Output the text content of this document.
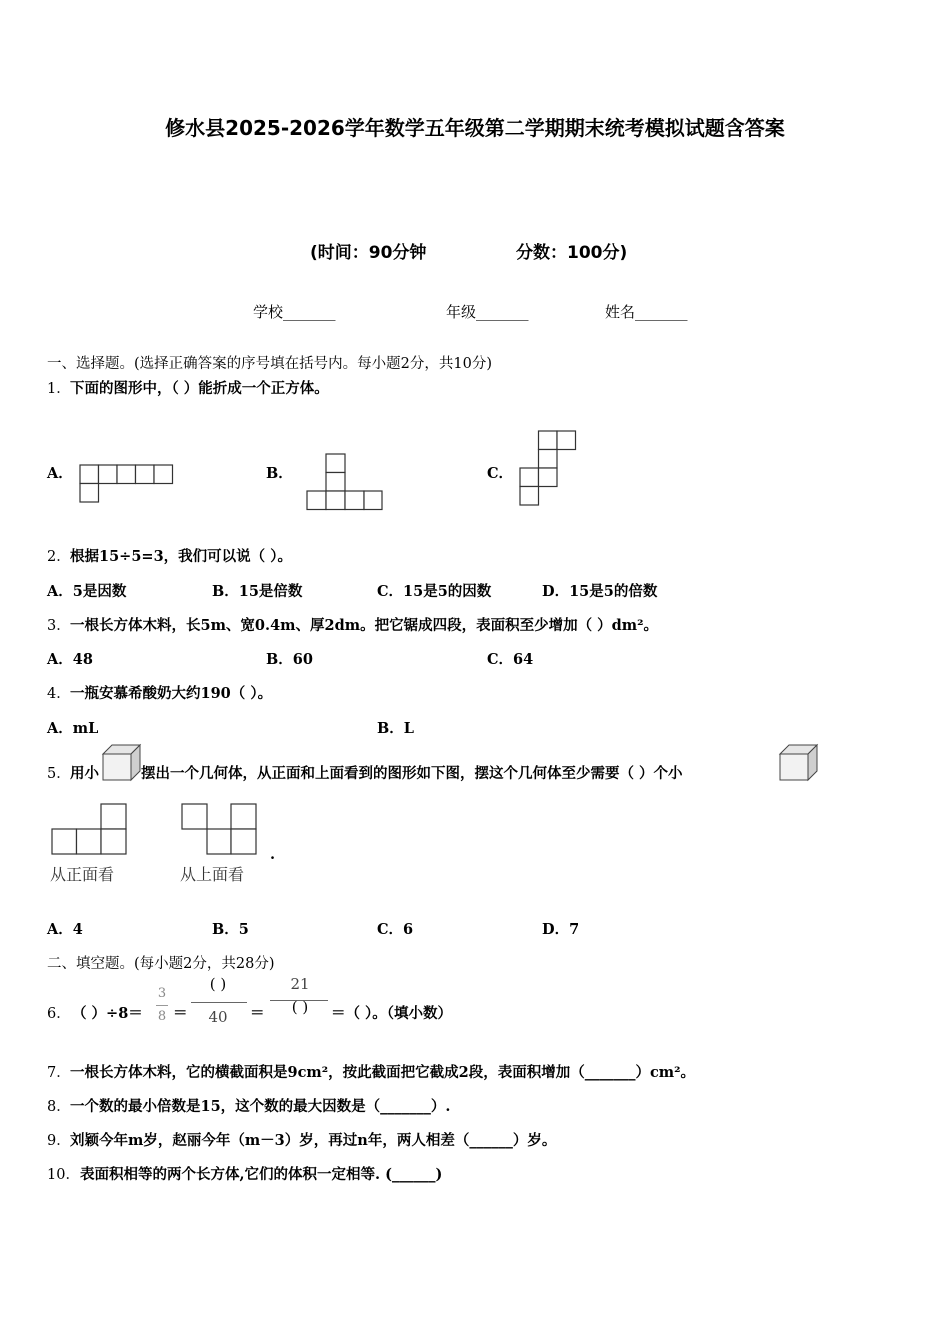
修水县2025-2026学年数学五年级第二学期期末统考模拟试题含答案
(时间：90分钟	分数：100分)
学校_______	年级_______	姓名_______
一、选择题。(选择正确答案的序号填在括号内。每小题2分，共10分)
1． 下面的图形中，（ ）能折成一个正方体。
A．	B．	C．
2． 根据15÷5=3，我们可以说（ ）。
A．5是因数	B．15是倍数	C．15是5的因数	D．15是5的倍数
3． 一根长方体木料，长5m、宽0.4m、厚2dm。把它锯成四段，表面积至少增加（ ）dm²。
A．48	B．60	C．64
4． 一瓶安慕希酸奶大约190（ ）。
A．mL	B．L
5． 用小	摆出一个几何体，从正面和上面看到的图形如下图，摆这个几何体至少需要（ ）个小
从正面看	从上面看
.
A．4	B．5	C．6	D．7
二、填空题。(每小题2分，共28分)
6． （ ）÷8＝
3
8 ＝
( )
40	＝
21
( )	＝（ ）。（填小数）
7． 一根长方体木料，它的横截面积是9cm²，按此截面把它截成2段，表面积增加（_______）cm²。
8． 一个数的最小倍数是15，这个数的最大因数是（_______）.
9． 刘颖今年m岁，赵丽今年（m－3）岁，再过n年，两人相差（______）岁。
10． 表面积相等的两个长方体,它们的体积一定相等. (______)
